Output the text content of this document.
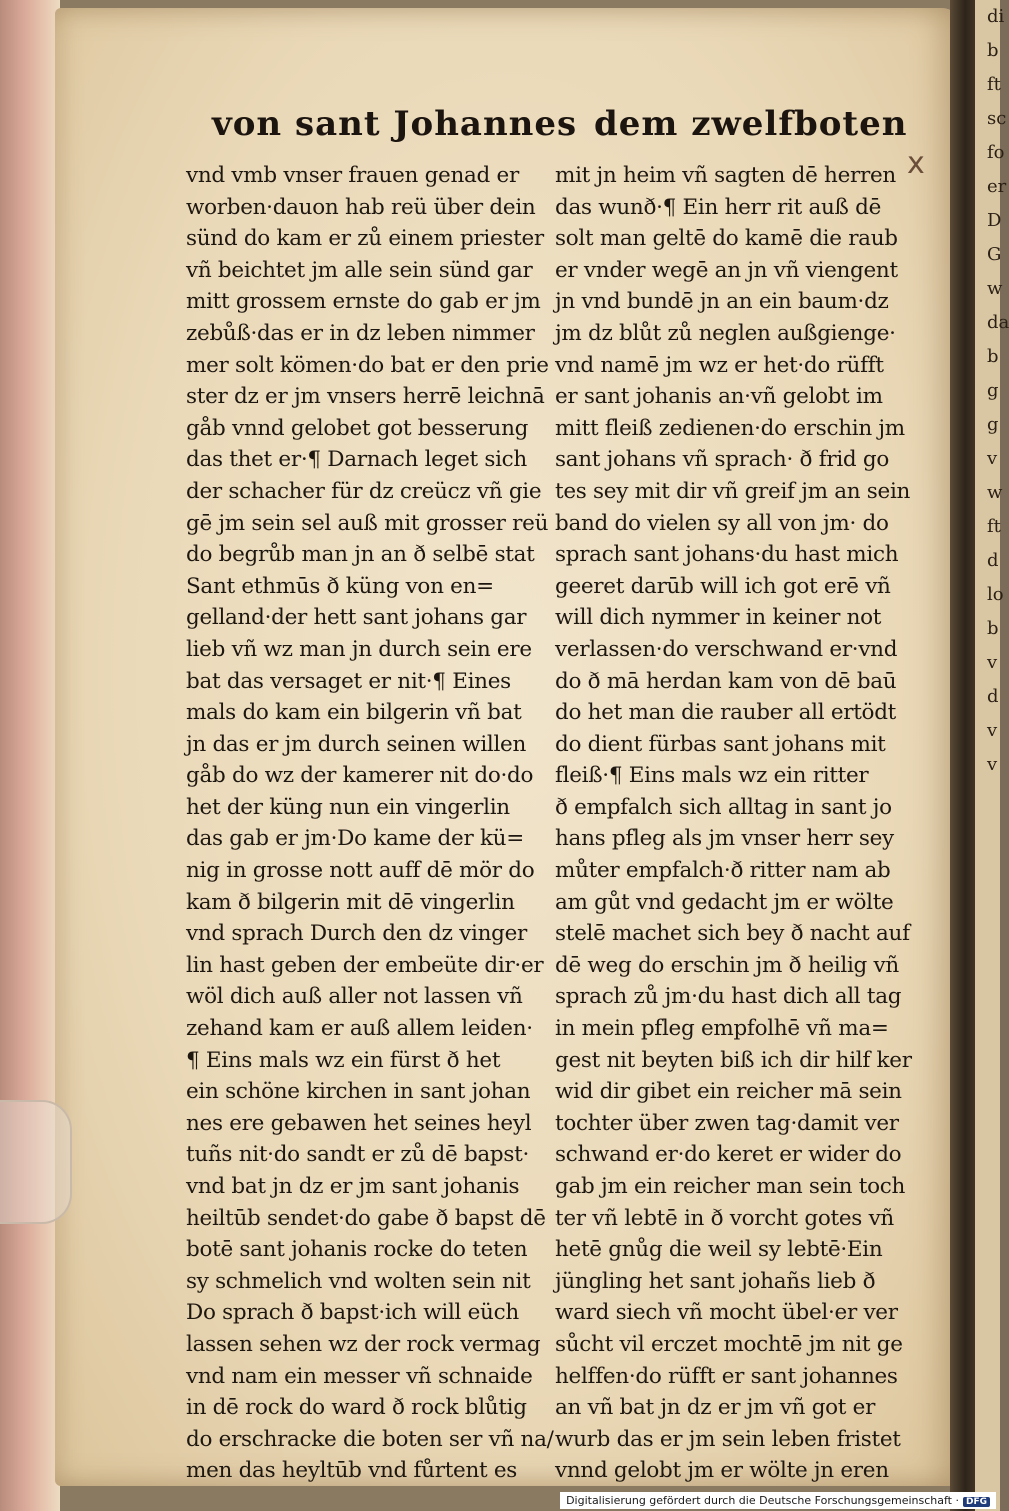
di
b
ft
sc
fo
er
D
G
w
da
b
g
g
v
w
ft
d
lo
b
v
d
v
v
von sant Johannes dem zwelfboten
x
vnd vmb vnser frauen genad er
worben·dauon hab reü über dein
sünd do kam er zů einem priester
vñ beichtet jm alle sein sünd gar
mitt grossem ernste do gab er jm
zebůß·das er in dz leben nimmer
mer solt kömen·do bat er den prie
ster dz er jm vnsers herrē leichnā
gåb vnnd gelobet got besserung
das thet er·¶ Darnach leget sich
der schacher für dz creücz vñ gie
gē jm sein sel auß mit grosser reü
do begrůb man jn an ð selbē stat
Sant ethmūs ð küng von en=
gelland·der hett sant johans gar
lieb vñ wz man jn durch sein ere
bat das versaget er nit·¶ Eines
mals do kam ein bilgerin vñ bat
jn das er jm durch seinen willen
gåb do wz der kamerer nit do·do
het der küng nun ein vingerlin
das gab er jm·Do kame der kü=
nig in grosse nott auff dē mör do
kam ð bilgerin mit dē vingerlin
vnd sprach Durch den dz vinger
lin hast geben der embeüte dir·er
wöl dich auß aller not lassen vñ
zehand kam er auß allem leiden·
¶ Eins mals wz ein fürst ð het
ein schöne kirchen in sant johan
nes ere gebawen het seines heyl
tuñs nit·do sandt er zů dē bapst·
vnd bat jn dz er jm sant johanis
heiltūb sendet·do gabe ð bapst dē
botē sant johanis rocke do teten
sy schmelich vnd wolten sein nit
Do sprach ð bapst·ich will eüch
lassen sehen wz der rock vermag
vnd nam ein messer vñ schnaide
in dē rock do ward ð rock blůtig
do erschracke die boten ser vñ na/
men das heyltūb vnd fůrtent es
mit jn heim vñ sagten dē herren
das wunð·¶ Ein herr rit auß dē
solt man geltē do kamē die raub
er vnder wegē an jn vñ viengent
jn vnd bundē jn an ein baum·dz
jm dz blůt zů neglen außgienge·
vnd namē jm wz er het·do rüfft
er sant johanis an·vñ gelobt im
mitt fleiß zedienen·do erschin jm
sant johans vñ sprach· ð frid go
tes sey mit dir vñ greif jm an sein
band do vielen sy all von jm· do
sprach sant johans·du hast mich
geeret darūb will ich got erē vñ
will dich nymmer in keiner not
verlassen·do verschwand er·vnd
do ð mā herdan kam von dē baū
do het man die rauber all ertödt
do dient fürbas sant johans mit
fleiß·¶ Eins mals wz ein ritter
ð empfalch sich alltag in sant jo
hans pfleg als jm vnser herr sey
můter empfalch·ð ritter nam ab
am gůt vnd gedacht jm er wölte
stelē machet sich bey ð nacht auf
dē weg do erschin jm ð heilig vñ
sprach zů jm·du hast dich all tag
in mein pfleg empfolhē vñ ma=
gest nit beyten biß ich dir hilf ker
wid dir gibet ein reicher mā sein
tochter über zwen tag·damit ver
schwand er·do keret er wider do
gab jm ein reicher man sein toch
ter vñ lebtē in ð vorcht gotes vñ
hetē gnůg die weil sy lebtē·Ein
jüngling het sant johañs lieb ð
ward siech vñ mocht übel·er ver
sůcht vil erczet mochtē jm nit ge
helffen·do rüfft er sant johannes
an vñ bat jn dz er jm vñ got er
wurb das er jm sein leben fristet
vnnd gelobt jm er wölte jn eren
Digitalisierung gefördert durch die Deutsche Forschungsgemeinschaft · DFG
